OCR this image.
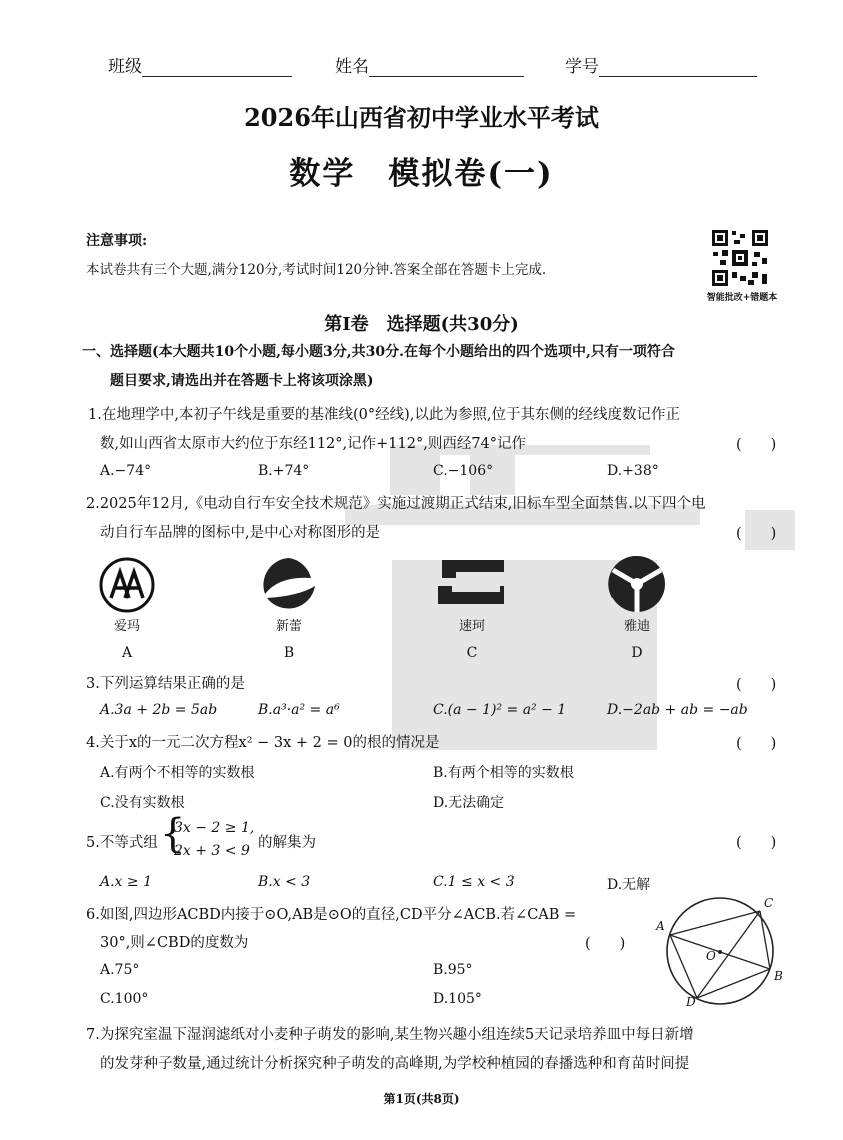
班级	姓名	学号
2026年山西省初中学业水平考试
数学　模拟卷(一)
注意事项:
本试卷共有三个大题,满分120分,考试时间120分钟.答案全部在答题卡上完成.
智能批改+错题本
第Ⅰ卷　选择题(共30分)
一、选择题(本大题共10个小题,每小题3分,共30分.在每个小题给出的四个选项中,只有一项符合
题目要求,请选出并在答题卡上将该项涂黑)
1.在地理学中,本初子午线是重要的基准线(0°经线),以此为参照,位于其东侧的经线度数记作正
数,如山西省太原市大约位于东经112°,记作+112°,则西经74°记作	(　　)
A.−74°	B.+74°	C.−106°	D.+38°
2.2025年12月,《电动自行车安全技术规范》实施过渡期正式结束,旧标车型全面禁售.以下四个电
动自行车品牌的图标中,是中心对称图形的是	(　　)
爱玛	新蕾	速珂	雅迪
A	B	C	D
3.下列运算结果正确的是	(　　)
A.3a + 2b = 5ab	B.a³·a² = a⁶	C.(a − 1)² = a² − 1	D.−2ab + ab = −ab
4.关于x的一元二次方程x² − 3x + 2 = 0的根的情况是	(　　)
A.有两个不相等的实数根	B.有两个相等的实数根
C.没有实数根	D.无法确定
5.不等式组 {
3x − 2 ≥ 1,
2x + 3 < 9 的解集为	(　　)
A.x ≥ 1	B.x < 3	C.1 ≤ x < 3	D.无解
6.如图,四边形ACBD内接于⊙O,AB是⊙O的直径,CD平分∠ACB.若∠CAB =
30°,则∠CBD的度数为	(　　)
A.75°	B.95°
C.100°	D.105°
A
C
B
D
O
7.为探究室温下湿润滤纸对小麦种子萌发的影响,某生物兴趣小组连续5天记录培养皿中每日新增
的发芽种子数量,通过统计分析探究种子萌发的高峰期,为学校种植园的春播选种和育苗时间提
第1页(共8页)
